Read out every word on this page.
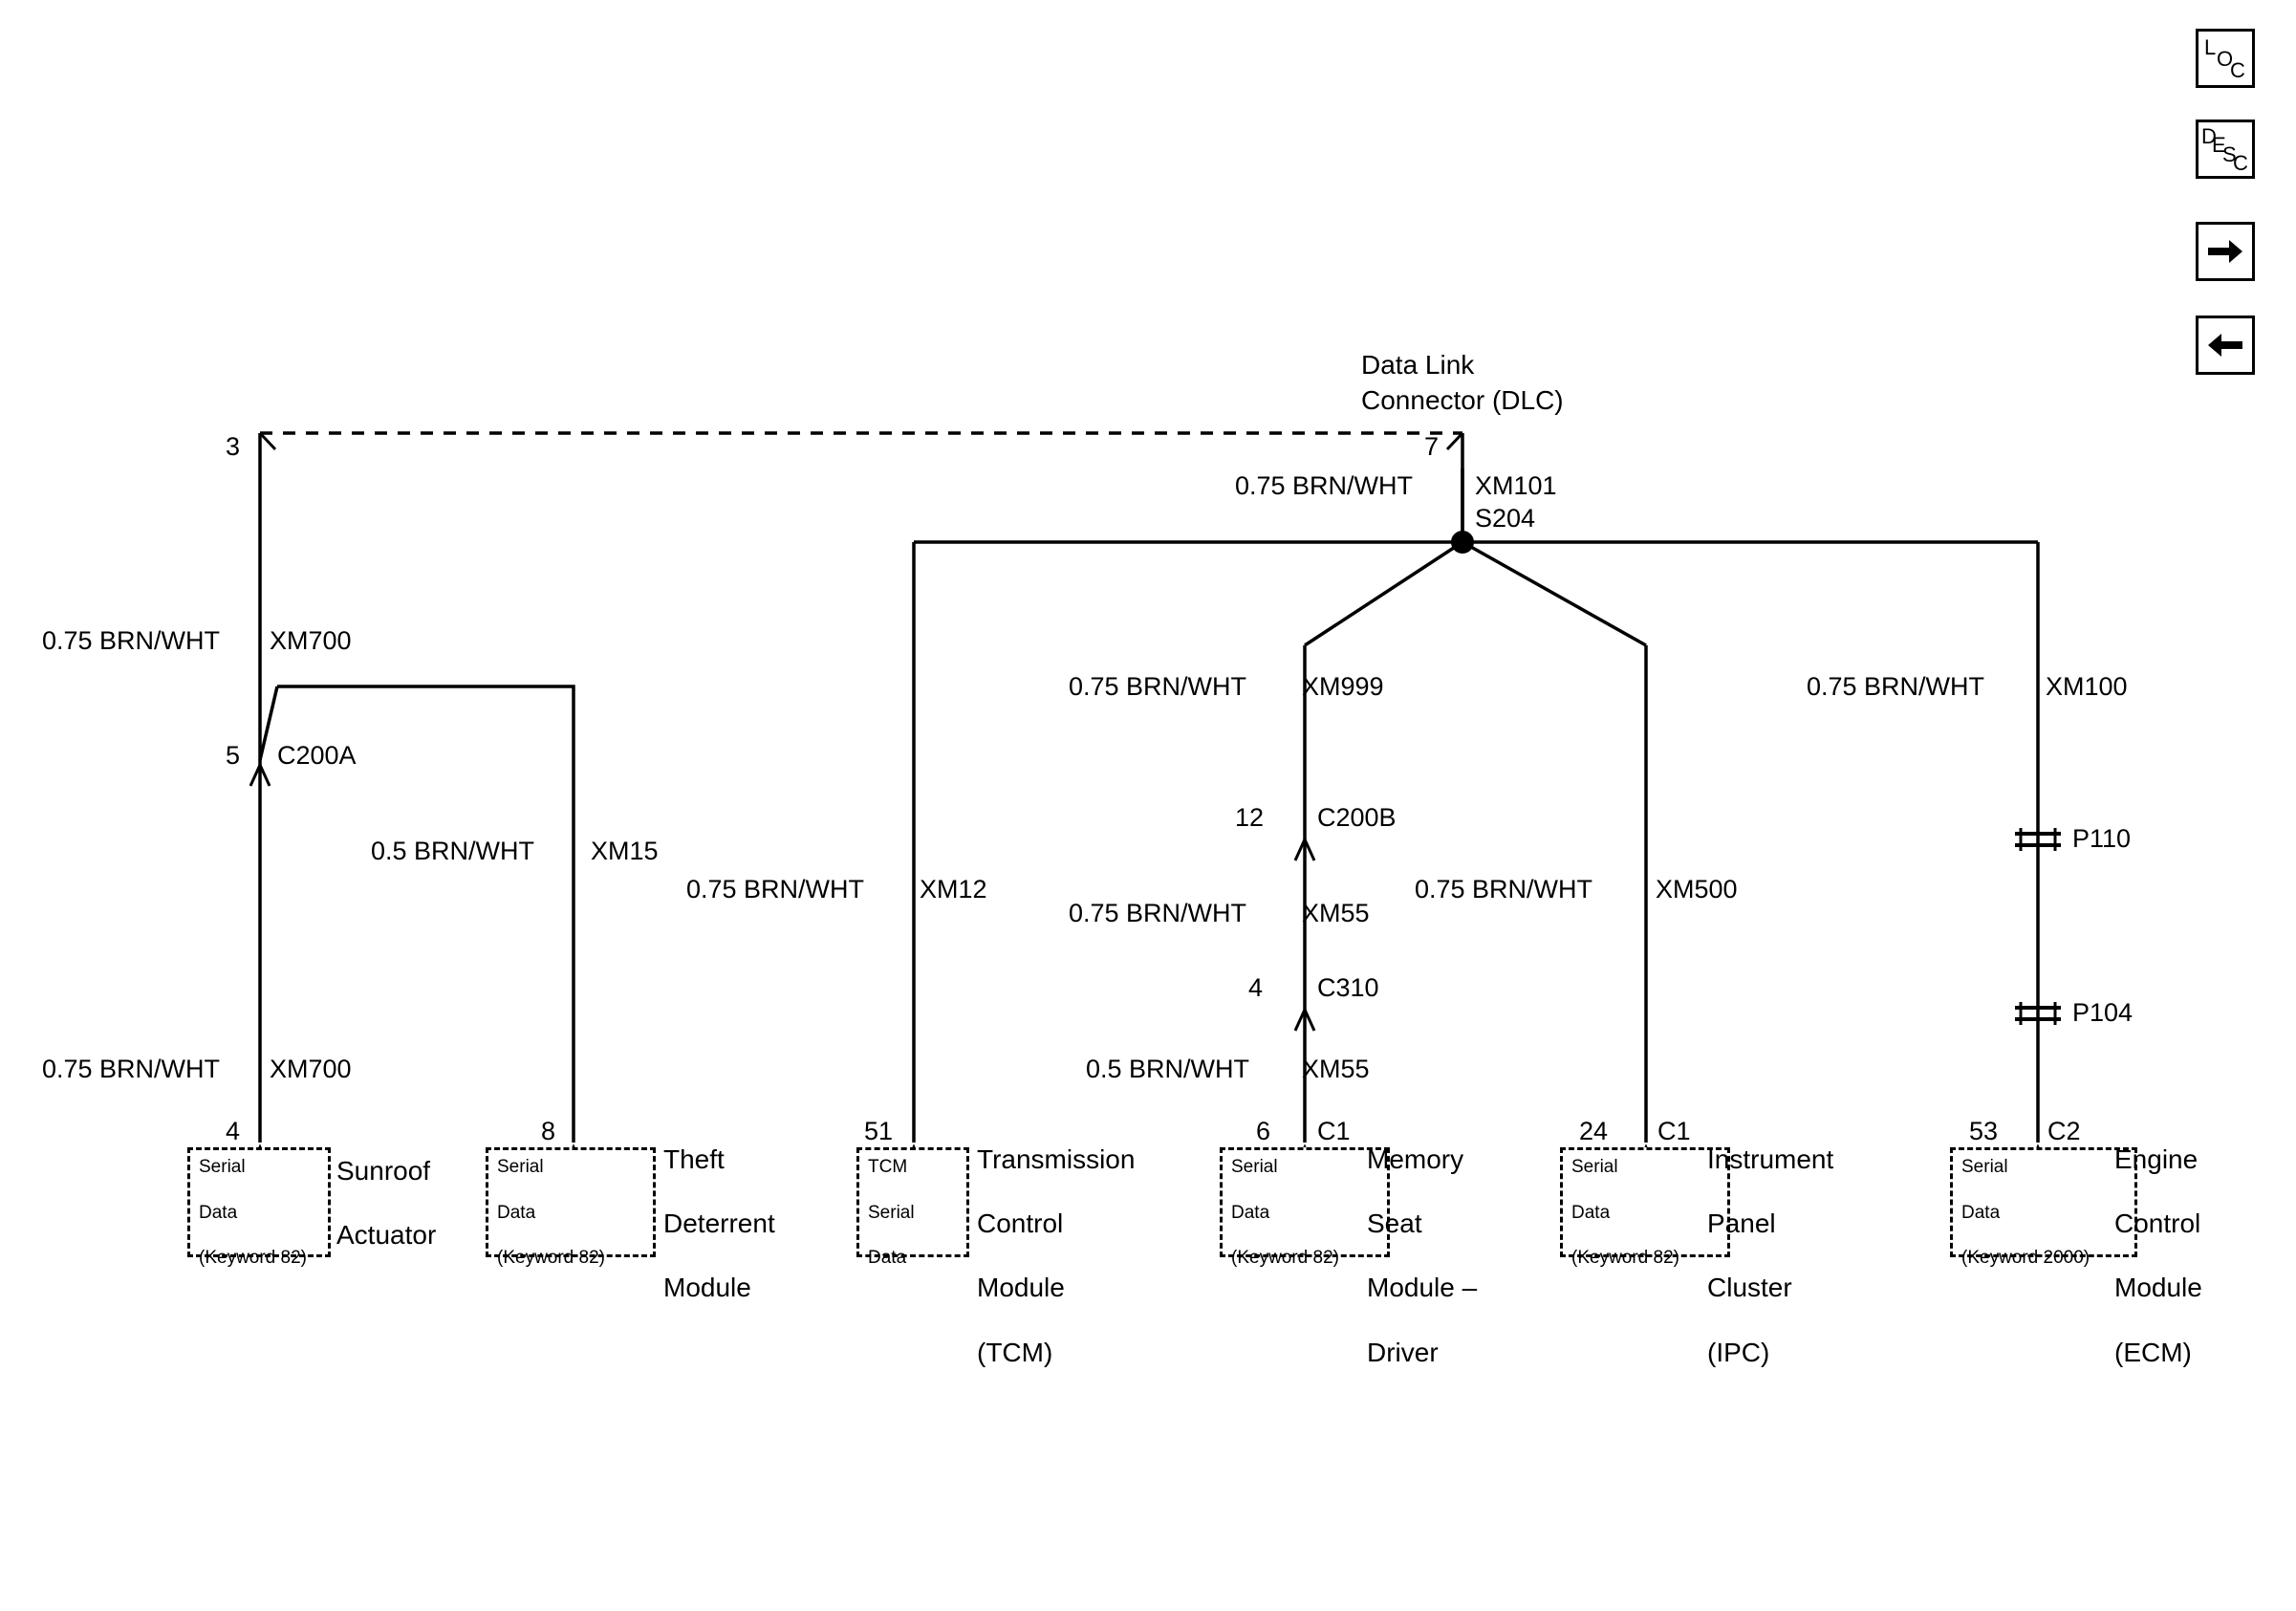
L O
C
D
E
S
C
Data Link
Connector (DLC)
3	7
0.75 BRN/WHT XM101
S204
0.75 BRN/WHT XM700
5 C200A
0.75 BRN/WHT XM700
4
Serial

Data

(Keyword 82)
Sunroof

Actuator
0.5 BRN/WHT XM15
8
Serial

Data

(Keyword 82)
Theft

Deterrent

Module
0.75 BRN/WHT XM12
51
TCM

Serial

Data
Transmission

Control

Module

(TCM)
0.75 BRN/WHT XM999
12 C200B
0.75 BRN/WHT XM55
4 C310
0.5 BRN/WHT XM55
6 C1
Serial

Data

(Keyword 82)
Memory

Seat

Module –

Driver
0.75 BRN/WHT XM500
24 C1
Serial

Data

(Keyword 82)
Instrument

Panel

Cluster

(IPC)
0.75 BRN/WHT XM100
P110
P104
53 C2
Serial

Data

(Keyword 2000)
Engine

Control

Module

(ECM)
